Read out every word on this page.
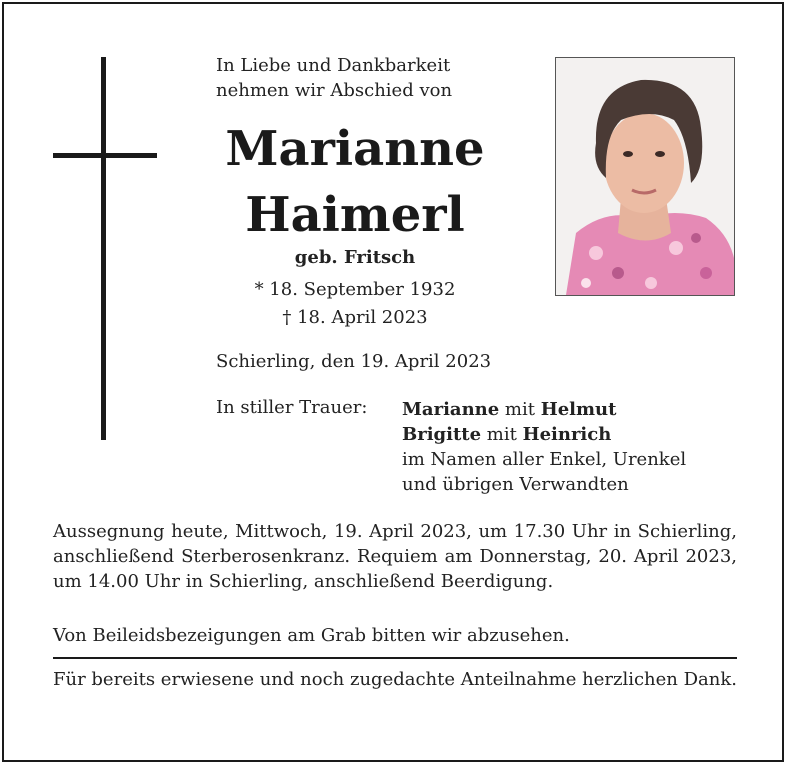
In Liebe und Dankbarkeit
nehmen wir Abschied von
Marianne
Haimerl
geb. Fritsch
* 18. September 1932
† 18. April 2023
Schierling, den 19. April 2023
In stiller Trauer: Marianne mit Helmut
Brigitte mit Heinrich
im Namen aller Enkel, Urenkel
und übrigen Verwandten
Aussegnung heute, Mittwoch, 19. April 2023, um 17.30 Uhr in Schierling, anschließend Sterberosenkranz. Requiem am Donnerstag, 20. April 2023, um 14.00 Uhr in Schierling, anschließend Beerdigung.
Von Beileidsbezeigungen am Grab bitten wir abzusehen.
Für bereits erwiesene und noch zugedachte Anteilnahme herzlichen Dank.
